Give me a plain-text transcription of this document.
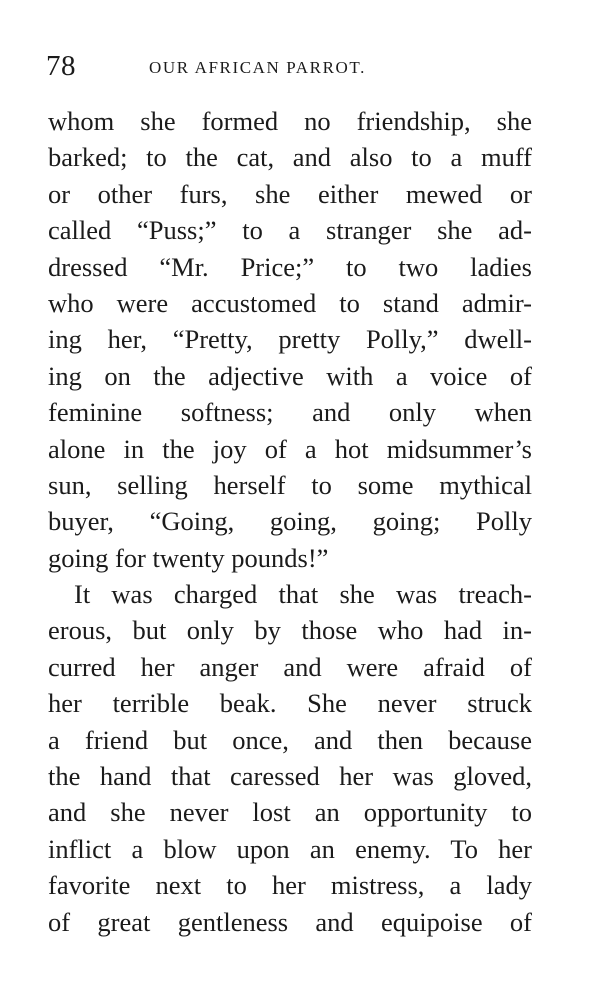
78	OUR AFRICAN PARROT.
whom she formed no friendship, she
barked; to the cat, and also to a muff
or other furs, she either mewed or
called “Puss;” to a stranger she ad-
dressed “Mr. Price;” to two ladies
who were accustomed to stand admir-
ing her, “Pretty, pretty Polly,” dwell-
ing on the adjective with a voice of
feminine softness; and only when
alone in the joy of a hot midsummer’s
sun, selling herself to some mythical
buyer, “Going, going, going; Polly
going for twenty pounds!”
It was charged that she was treach-
erous, but only by those who had in-
curred her anger and were afraid of
her terrible beak. She never struck
a friend but once, and then because
the hand that caressed her was gloved,
and she never lost an opportunity to
inflict a blow upon an enemy. To her
favorite next to her mistress, a lady
of great gentleness and equipoise of
